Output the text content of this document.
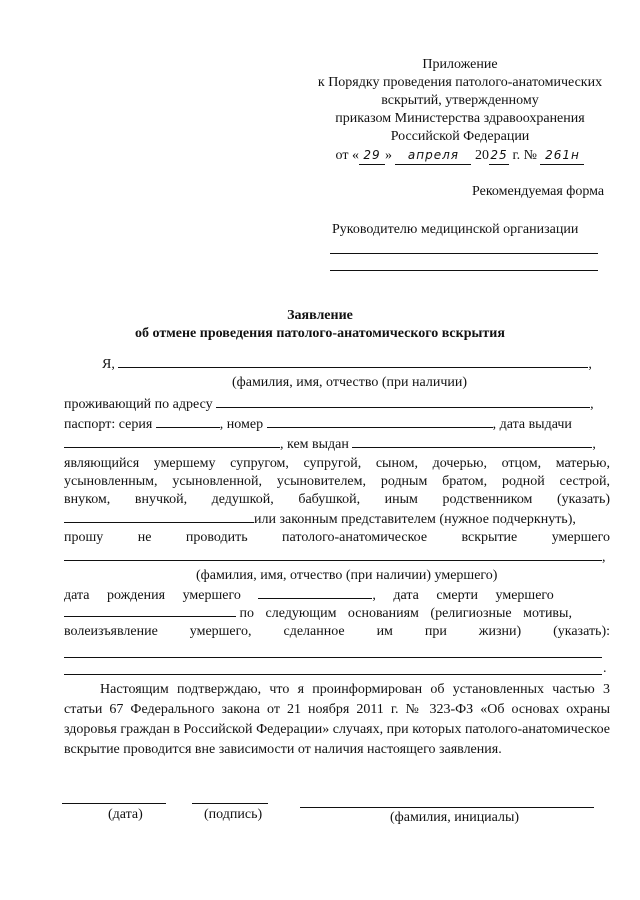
Приложение
к Порядку проведения патолого-анатомических
вскрытий, утвержденному
приказом Министерства здравоохранения
Российской Федерации
от « 29 » апреля 2025 г. № 261н
Рекомендуемая форма
Руководителю медицинской организации
Заявление
об отмене проведения патолого-анатомического вскрытия
Я,	,
(фамилия, имя, отчество (при наличии)
проживающий по адресу	,
паспорт: серия	, номер	, дата выдачи
, кем выдан	,
являющийся умершему супругом, супругой, сыном, дочерью, отцом, матерью,
усыновленным, усыновленной, усыновителем, родным братом, родной сестрой,
внуком, внучкой, дедушкой, бабушкой, иным родственником (указать)
или законным представителем (нужное подчеркнуть),
прошу не проводить патолого-анатомическое вскрытие умершего
,
(фамилия, имя, отчество (при наличии) умершего)
дата рождения умершего	, дата смерти умершего
по следующим основаниям (религиозные мотивы,
волеизъявление умершего, сделанное им при жизни) (указать):
.
Настоящим подтверждаю, что я проинформирован об установленных частью 3 статьи 67 Федерального закона от 21 ноября 2011 г. № 323-ФЗ «Об основах охраны здоровья граждан в Российской Федерации» случаях, при которых патолого-анатомическое вскрытие проводится вне зависимости от наличия настоящего заявления.
(дата)	(подпись)	(фамилия, инициалы)
